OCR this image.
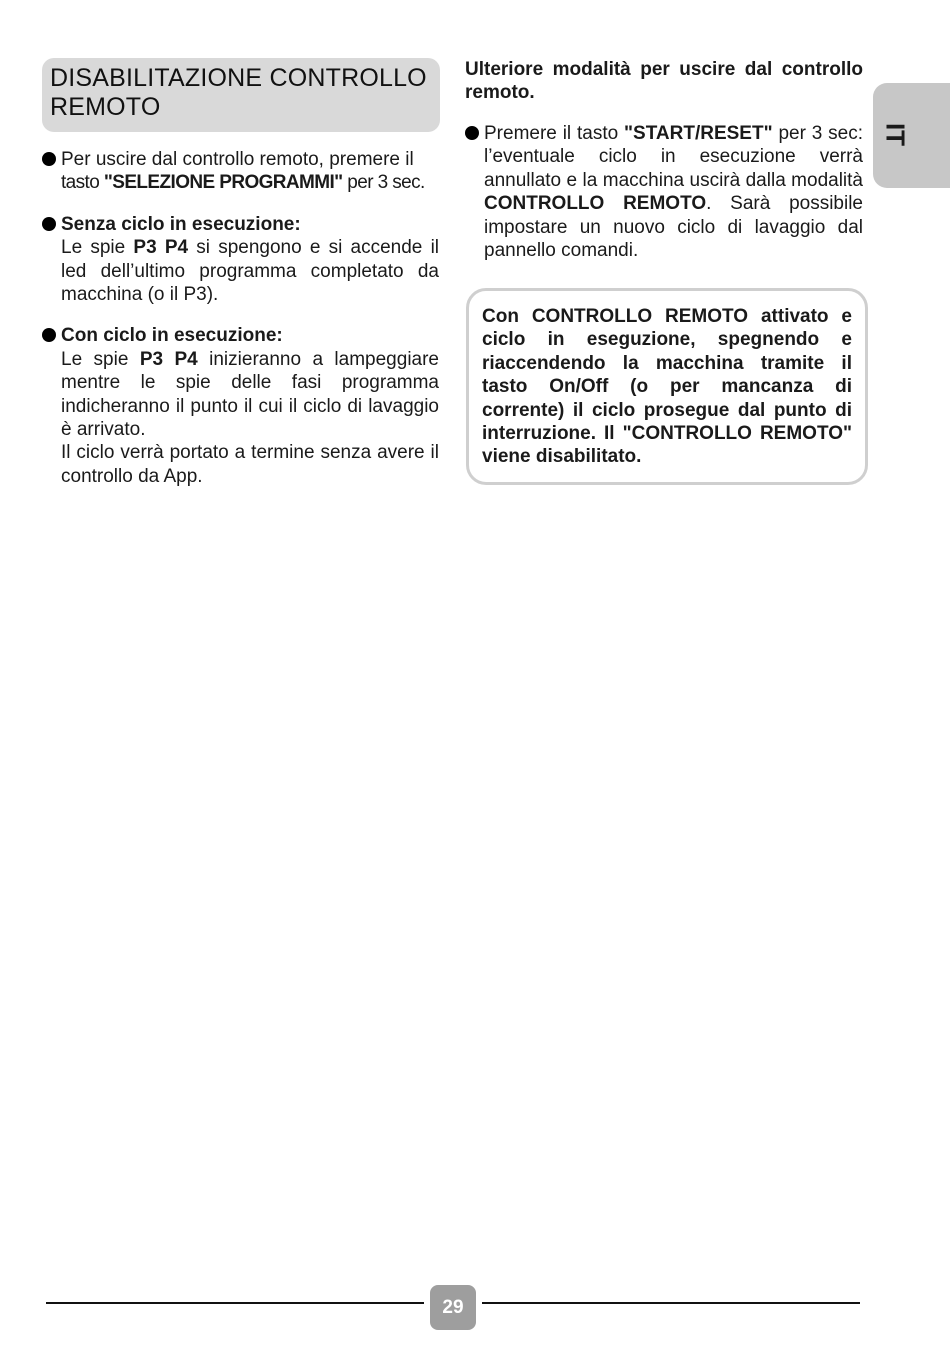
DISABILITAZIONE CONTROLLO REMOTO

Per uscire dal controllo remoto, premere il
tasto "SELEZIONE PROGRAMMI" per 3 sec.

Senza ciclo in esecuzione:
Le spie P3 P4 si spengono e si accende il led dell’ultimo programma completato da macchina (o il P3).

Con ciclo in esecuzione:
Le spie P3 P4 inizieranno a lampeggiare mentre le spie delle fasi programma indicheranno il punto il cui il ciclo di lavaggio è arrivato.
Il ciclo verrà portato a termine senza avere il controllo da App.

Ulteriore modalità per uscire dal controllo remoto.

Premere il tasto "START/RESET" per 3 sec: l’eventuale ciclo in esecuzione verrà annullato e la macchina uscirà dalla modalità CONTROLLO REMOTO. Sarà possibile impostare un nuovo ciclo di lavaggio dal pannello comandi.

Con CONTROLLO REMOTO attivato e ciclo in eseguzione, spegnendo e riaccendendo la macchina tramite il tasto On/Off (o per mancanza di corrente) il ciclo prosegue dal punto di interruzione. Il "CONTROLLO REMOTO" viene disabilitato.
IT
29
